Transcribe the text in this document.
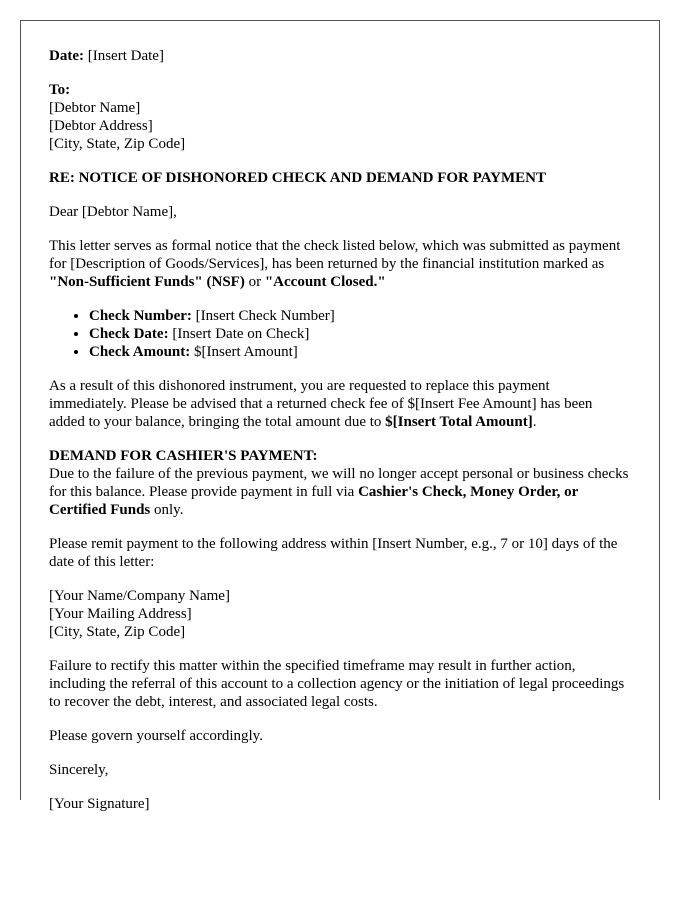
Date: [Insert Date]

To:
[Debtor Name]
[Debtor Address]
[City, State, Zip Code]

RE: NOTICE OF DISHONORED CHECK AND DEMAND FOR PAYMENT

Dear [Debtor Name],

This letter serves as formal notice that the check listed below, which was submitted as payment for [Description of Goods/Services], has been returned by the financial institution marked as "Non-Sufficient Funds" (NSF) or "Account Closed."

• Check Number: [Insert Check Number]
• Check Date: [Insert Date on Check]
• Check Amount: $[Insert Amount]

As a result of this dishonored instrument, you are requested to replace this payment immediately. Please be advised that a returned check fee of $[Insert Fee Amount] has been added to your balance, bringing the total amount due to $[Insert Total Amount].

DEMAND FOR CASHIER'S PAYMENT:
Due to the failure of the previous payment, we will no longer accept personal or business checks for this balance. Please provide payment in full via Cashier's Check, Money Order, or Certified Funds only.

Please remit payment to the following address within [Insert Number, e.g., 7 or 10] days of the date of this letter:

[Your Name/Company Name]
[Your Mailing Address]
[City, State, Zip Code]

Failure to rectify this matter within the specified timeframe may result in further action, including the referral of this account to a collection agency or the initiation of legal proceedings to recover the debt, interest, and associated legal costs.

Please govern yourself accordingly.

Sincerely,

[Your Signature]
